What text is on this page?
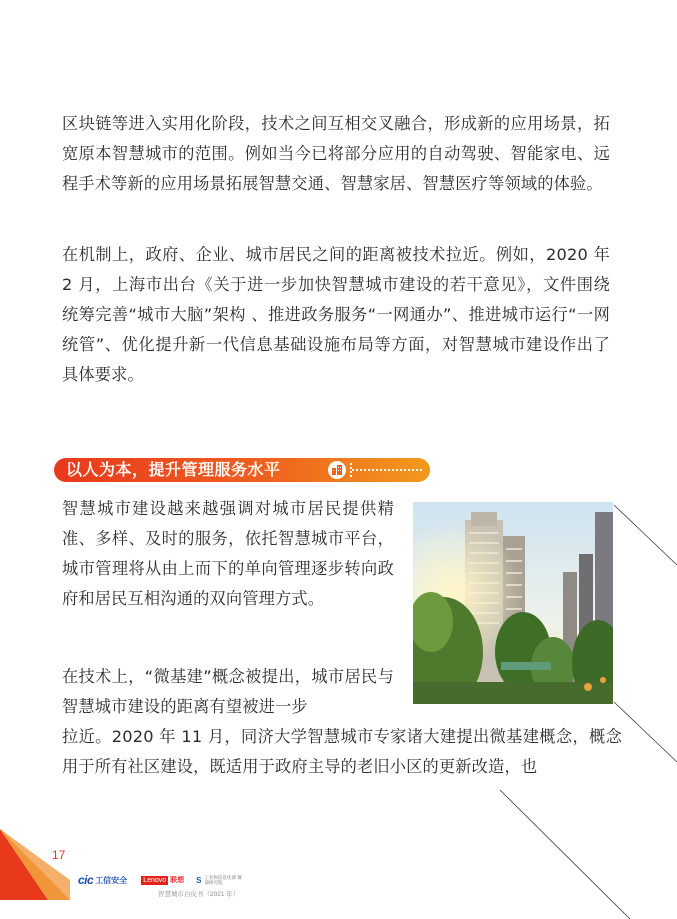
区块链等进入实用化阶段，技术之间互相交叉融合，形成新的应用场景，拓宽原本智慧城市的范围。例如当今已将部分应用的自动驾驶、智能家电、远程手术等新的应用场景拓展智慧交通、智慧家居、智慧医疗等领域的体验。

在机制上，政府、企业、城市居民之间的距离被技术拉近。例如，2020 年 2 月，上海市出台《关于进一步加快智慧城市建设的若干意见》，文件围绕统筹完善“城市大脑”架构 、推进政务服务“一网通办”、推进城市运行“一网统管”、优化提升新一代信息基础设施布局等方面，对智慧城市建设作出了具体要求。

以人为本，提升管理服务水平

智慧城市建设越来越强调对城市居民提供精准、多样、及时的服务，依托智慧城市平台，城市管理将从由上而下的单向管理逐步转向政府和居民互相沟通的双向管理方式。

在技术上，“微基建”概念被提出，城市居民与智慧城市建设的距离有望被进一步

拉近。2020 年 11 月，同济大学智慧城市专家诸大建提出微基建概念，概念用于所有社区建设，既适用于政府主导的老旧小区的更新改造，也

17
cic 工信安全 Lenovo 联想 S 工业和信息化部 赛迪研究院
智慧城市白皮书（2021 年）
